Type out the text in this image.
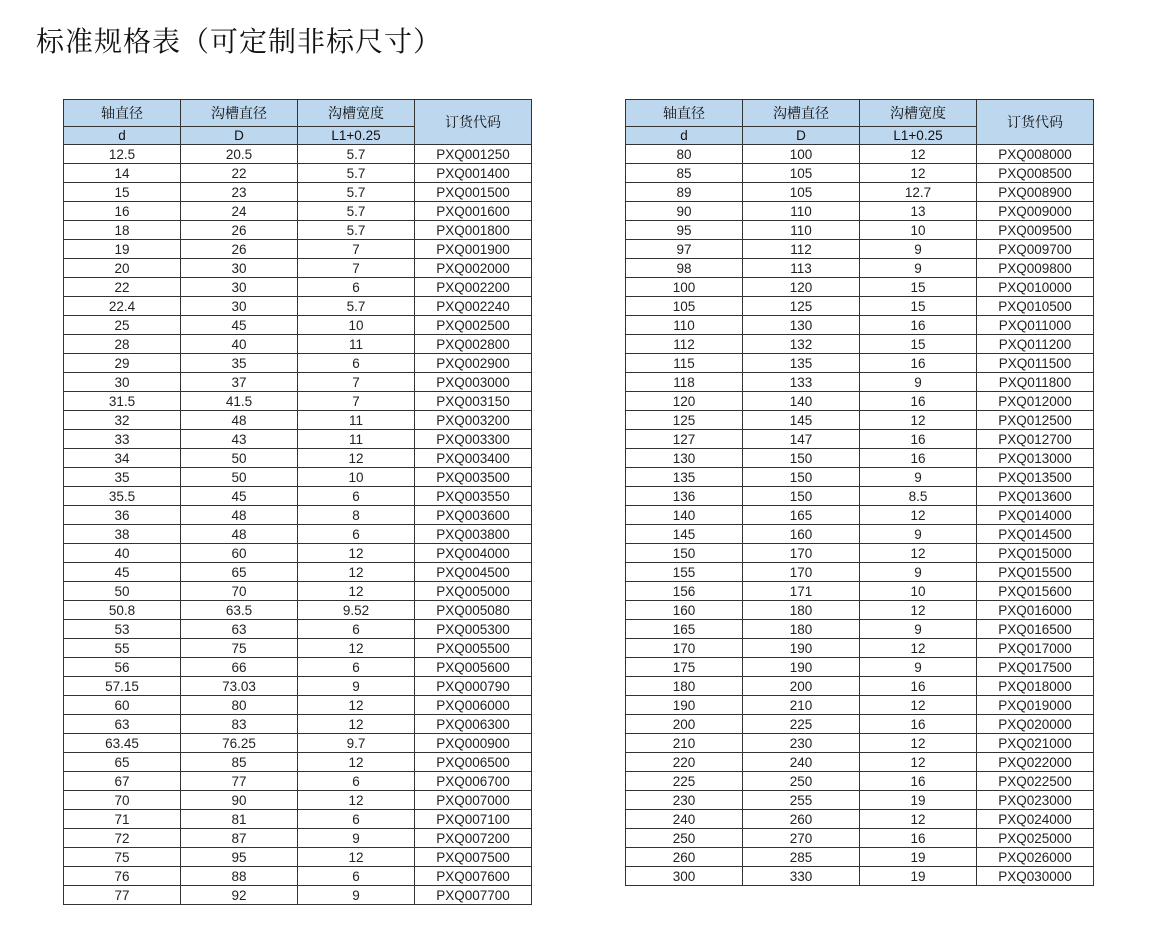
标准规格表（可定制非标尺寸）
轴直径	沟槽直径	沟槽宽度	订货代码
d	D	L1+0.25	
12.5	20.5	5.7	PXQ001250
14	22	5.7	PXQ001400
15	23	5.7	PXQ001500
16	24	5.7	PXQ001600
18	26	5.7	PXQ001800
19	26	7	PXQ001900
20	30	7	PXQ002000
22	30	6	PXQ002200
22.4	30	5.7	PXQ002240
25	45	10	PXQ002500
28	40	11	PXQ002800
29	35	6	PXQ002900
30	37	7	PXQ003000
31.5	41.5	7	PXQ003150
32	48	11	PXQ003200
33	43	11	PXQ003300
34	50	12	PXQ003400
35	50	10	PXQ003500
35.5	45	6	PXQ003550
36	48	8	PXQ003600
38	48	6	PXQ003800
40	60	12	PXQ004000
45	65	12	PXQ004500
50	70	12	PXQ005000
50.8	63.5	9.52	PXQ005080
53	63	6	PXQ005300
55	75	12	PXQ005500
56	66	6	PXQ005600
57.15	73.03	9	PXQ000790
60	80	12	PXQ006000
63	83	12	PXQ006300
63.45	76.25	9.7	PXQ000900
65	85	12	PXQ006500
67	77	6	PXQ006700
70	90	12	PXQ007000
71	81	6	PXQ007100
72	87	9	PXQ007200
75	95	12	PXQ007500
76	88	6	PXQ007600
77	92	9	PXQ007700
轴直径	沟槽直径	沟槽宽度	订货代码
d	D	L1+0.25	
80	100	12	PXQ008000
85	105	12	PXQ008500
89	105	12.7	PXQ008900
90	110	13	PXQ009000
95	110	10	PXQ009500
97	112	9	PXQ009700
98	113	9	PXQ009800
100	120	15	PXQ010000
105	125	15	PXQ010500
110	130	16	PXQ011000
112	132	15	PXQ011200
115	135	16	PXQ011500
118	133	9	PXQ011800
120	140	16	PXQ012000
125	145	12	PXQ012500
127	147	16	PXQ012700
130	150	16	PXQ013000
135	150	9	PXQ013500
136	150	8.5	PXQ013600
140	165	12	PXQ014000
145	160	9	PXQ014500
150	170	12	PXQ015000
155	170	9	PXQ015500
156	171	10	PXQ015600
160	180	12	PXQ016000
165	180	9	PXQ016500
170	190	12	PXQ017000
175	190	9	PXQ017500
180	200	16	PXQ018000
190	210	12	PXQ019000
200	225	16	PXQ020000
210	230	12	PXQ021000
220	240	12	PXQ022000
225	250	16	PXQ022500
230	255	19	PXQ023000
240	260	12	PXQ024000
250	270	16	PXQ025000
260	285	19	PXQ026000
300	330	19	PXQ030000
